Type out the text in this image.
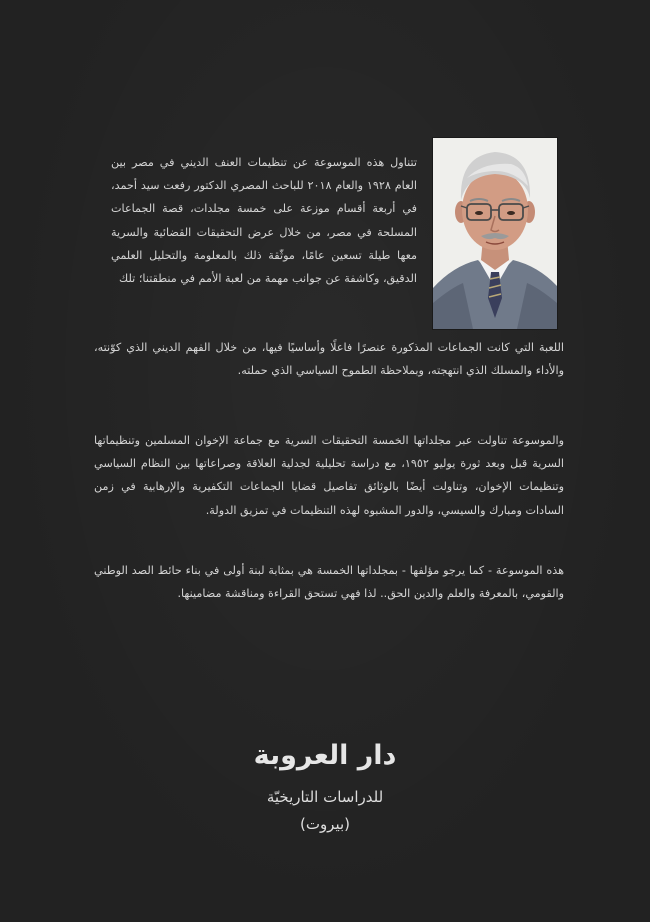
تتناول هذه الموسوعة عن تنظيمات العنف الديني في مصر بين العام ١٩٢٨ والعام ٢٠١٨ للباحث المصري الدكتور رفعت سيد أحمد، في أربعة أقسام موزعة على خمسة مجلدات، قصة الجماعات المسلحة في مصر، من خلال عرض التحقيقات القضائية والسرية معها طيلة تسعين عامًا، موثّقة ذلك بالمعلومة والتحليل العلمي الدقيق، وكاشفة عن جوانب مهمة من لعبة الأمم في منطقتنا؛ تلك

اللعبة التي كانت الجماعات المذكورة عنصرًا فاعلًا وأساسيًا فيها، من خلال الفهم الديني الذي كوّنته، والأداء والمسلك الذي انتهجته، وبملاحظة الطموح السياسي الذي حملته.

والموسوعة تناولت عبر مجلداتها الخمسة التحقيقات السرية مع جماعة الإخوان المسلمين وتنظيماتها السرية قبل وبعد ثورة يوليو ١٩٥٢، مع دراسة تحليلية لجدلية العلاقة وصراعاتها بين النظام السياسي وتنظيمات الإخوان، وتناولت أيضًا بالوثائق تفاصيل قضايا الجماعات التكفيرية والإرهابية في زمن السادات ومبارك والسيسي، والدور المشبوه لهذه التنظيمات في تمزيق الدولة.

هذه الموسوعة - كما يرجو مؤلفها - بمجلداتها الخمسة هي بمثابة لبنة أولى في بناء حائط الصد الوطني والقومي، بالمعرفة والعلم والدين الحق.. لذا فهي تستحق القراءة ومناقشة مضامينها.

دار العروبة
للدراسات التاريخيّة
(بيروت)
